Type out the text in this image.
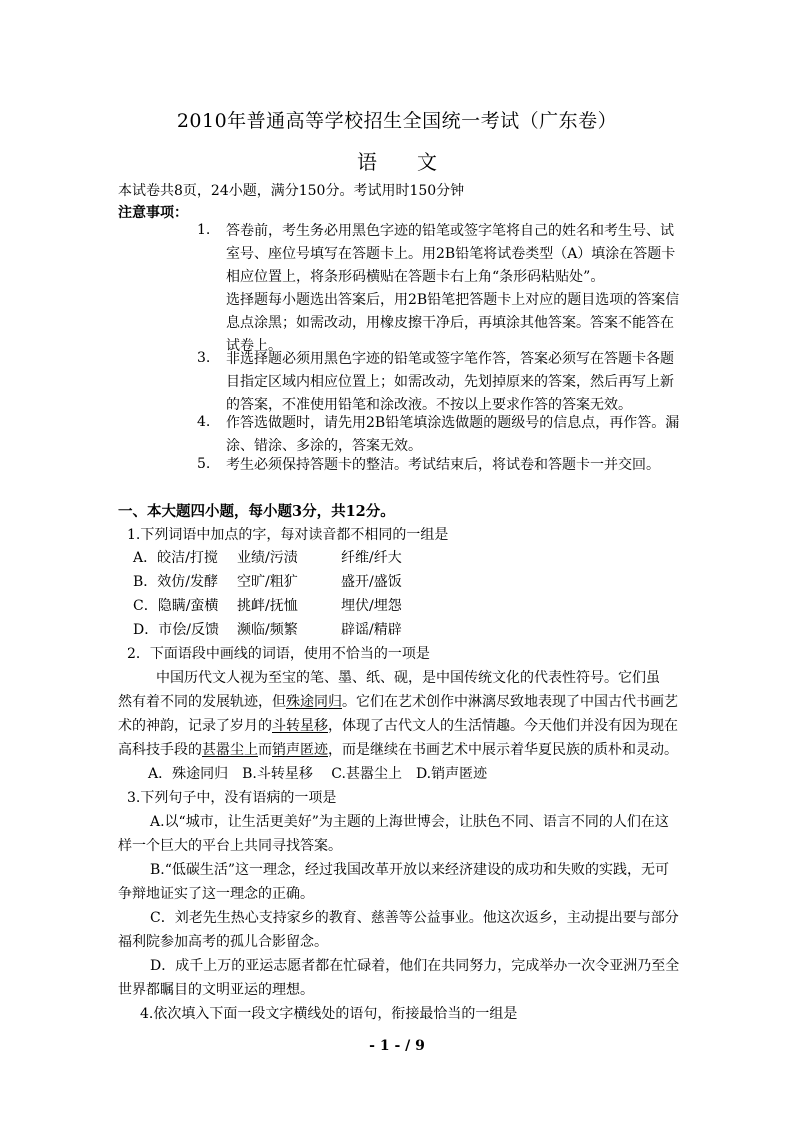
2010年普通高等学校招生全国统一考试（广东卷）
语文
本试卷共8页，24小题，满分150分。考试用时150分钟
注意事项：
1. 答卷前，考生务必用黑色字迹的铅笔或签字笔将自己的姓名和考生号、试
室号、座位号填写在答题卡上。用2B铅笔将试卷类型（A）填涂在答题卡
相应位置上，将条形码横贴在答题卡右上角“条形码粘贴处”。
选择题每小题选出答案后，用2B铅笔把答题卡上对应的题目选项的答案信
息点涂黑；如需改动，用橡皮擦干净后，再填涂其他答案。答案不能答在
试卷上。
3. 非选择题必须用黑色字迹的铅笔或签字笔作答，答案必须写在答题卡各题
目指定区域内相应位置上；如需改动，先划掉原来的答案，然后再写上新
的答案，不准使用铅笔和涂改液。不按以上要求作答的答案无效。
4. 作答选做题时，请先用2B铅笔填涂选做题的题级号的信息点，再作答。漏
涂、错涂、多涂的，答案无效。
5. 考生必须保持答题卡的整洁。考试结束后，将试卷和答题卡一并交回。
一、本大题四小题，每小题3分，共12分。
1.下列词语中加点的字，每对读音都不相同的一组是
A．皎洁/打搅 业绩/污渍	纤维/纤大
B．效仿/发酵 空旷/粗犷	盛开/盛饭
C．隐瞒/蛮横 挑衅/抚恤	埋伏/埋怨
D．市侩/反馈 濒临/频繁	辟谣/精辟
2．下面语段中画线的词语，使用不恰当的一项是
中国历代文人视为至宝的笔、墨、纸、砚，是中国传统文化的代表性符号。它们虽
然有着不同的发展轨迹，但殊途同归。它们在艺术创作中淋漓尽致地表现了中国古代书画艺
术的神韵，记录了岁月的斗转星移，体现了古代文人的生活情趣。今天他们并没有因为现在
高科技手段的甚嚣尘上而销声匿迹，而是继续在书画艺术中展示着华夏民族的质朴和灵动。
A．殊途同归　B.斗转星移　 C.甚嚣尘上　D.销声匿迹
3.下列句子中，没有语病的一项是
A.以“城市，让生活更美好”为主题的上海世博会，让肤色不同、语言不同的人们在这
样一个巨大的平台上共同寻找答案。
B.“低碳生活”这一理念，经过我国改革开放以来经济建设的成功和失败的实践，无可
争辩地证实了这一理念的正确。
C．刘老先生热心支持家乡的教育、慈善等公益事业。他这次返乡，主动提出要与部分
福利院参加高考的孤儿合影留念。
D．成千上万的亚运志愿者都在忙碌着，他们在共同努力，完成举办一次令亚洲乃至全
世界都瞩目的文明亚运的理想。
4.依次填入下面一段文字横线处的语句，衔接最恰当的一组是
- 1 - / 9
